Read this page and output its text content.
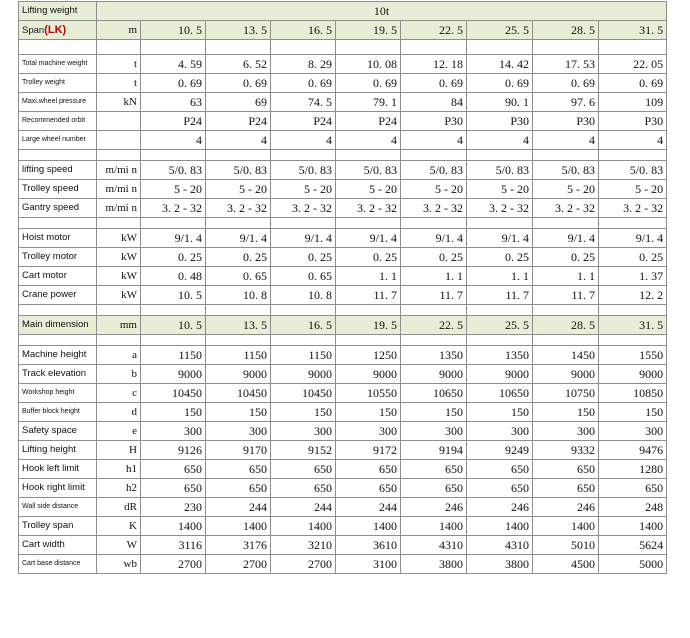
Lifting weight	10t								
Span(LK)	m	10. 5	13. 5	16. 5	19. 5	22. 5	25. 5	28. 5	31. 5

Total machine weight	t	4. 59	6. 52	8. 29	10. 08	12. 18	14. 42	17. 53	22. 05
Trolley weight	t	0. 69	0. 69	0. 69	0. 69	0. 69	0. 69	0. 69	0. 69
Maxi.wheel pressure	kN	63	69	74. 5	79. 1	84	90. 1	97. 6	109
Recommended orbit		P24	P24	P24	P24	P30	P30	P30	P30
Large wheel number		4	4	4	4	4	4	4	4

lifting speed	m/mi n	5/0. 83	5/0. 83	5/0. 83	5/0. 83	5/0. 83	5/0. 83	5/0. 83	5/0. 83
Trolley speed	m/mi n	5 - 20	5 - 20	5 - 20	5 - 20	5 - 20	5 - 20	5 - 20	5 - 20
Gantry speed	m/mi n	3. 2 - 32	3. 2 - 32	3. 2 - 32	3. 2 - 32	3. 2 - 32	3. 2 - 32	3. 2 - 32	3. 2 - 32

Hoist motor	kW	9/1. 4	9/1. 4	9/1. 4	9/1. 4	9/1. 4	9/1. 4	9/1. 4	9/1. 4
Trolley motor	kW	0. 25	0. 25	0. 25	0. 25	0. 25	0. 25	0. 25	0. 25
Cart motor	kW	0. 48	0. 65	0. 65	1. 1	1. 1	1. 1	1. 1	1. 37
Crane power	kW	10. 5	10. 8	10. 8	11. 7	11. 7	11. 7	11. 7	12. 2

Main dimension	mm	10. 5	13. 5	16. 5	19. 5	22. 5	25. 5	28. 5	31. 5

Machine height	a	1150	1150	1150	1250	1350	1350	1450	1550
Track elevation	b	9000	9000	9000	9000	9000	9000	9000	9000
Workshop height	c	10450	10450	10450	10550	10650	10650	10750	10850
Buffer block height	d	150	150	150	150	150	150	150	150
Safety space	e	300	300	300	300	300	300	300	300
Lifting height	H	9126	9170	9152	9172	9194	9249	9332	9476
Hook left limit	h1	650	650	650	650	650	650	650	1280
Hook right limit	h2	650	650	650	650	650	650	650	650
Wall side distance	dR	230	244	244	244	246	246	246	248
Trolley span	K	1400	1400	1400	1400	1400	1400	1400	1400
Cart width	W	3116	3176	3210	3610	4310	4310	5010	5624
Cart base distance	wb	2700	2700	2700	3100	3800	3800	4500	5000
